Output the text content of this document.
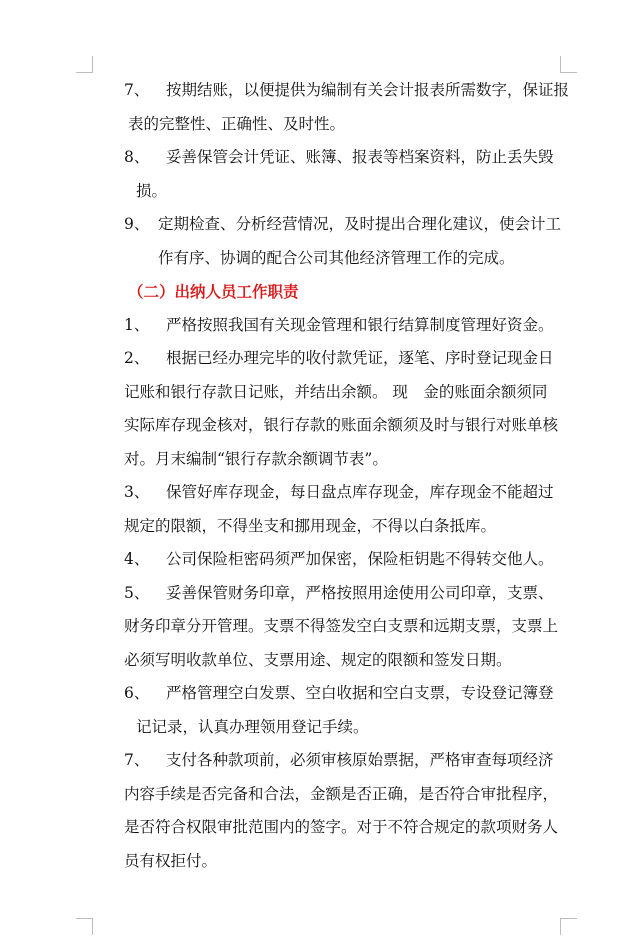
7、 按期结账，以便提供为编制有关会计报表所需数字，保证报

表的完整性、正确性、及时性。

8、 妥善保管会计凭证、账簿、报表等档案资料，防止丢失毁

损。

9、 定期检查、分析经营情况，及时提出合理化建议，使会计工

作有序、协调的配合公司其他经济管理工作的完成。

（二）出纳人员工作职责

1、 严格按照我国有关现金管理和银行结算制度管理好资金。

2、 根据已经办理完毕的收付款凭证，逐笔、序时登记现金日

记账和银行存款日记账，并结出余额。 现　金的账面余额须同

实际库存现金核对，银行存款的账面余额须及时与银行对账单核

对。月末编制“银行存款余额调节表”。

3、 保管好库存现金，每日盘点库存现金，库存现金不能超过

规定的限额，不得坐支和挪用现金，不得以白条抵库。

4、 公司保险柜密码须严加保密，保险柜钥匙不得转交他人。

5、 妥善保管财务印章，严格按照用途使用公司印章，支票、

财务印章分开管理。支票不得签发空白支票和远期支票，支票上

必须写明收款单位、支票用途、规定的限额和签发日期。

6、 严格管理空白发票、空白收据和空白支票，专设登记簿登

记记录，认真办理领用登记手续。

7、 支付各种款项前，必须审核原始票据，严格审查每项经济

内容手续是否完备和合法，金额是否正确，是否符合审批程序，

是否符合权限审批范围内的签字。对于不符合规定的款项财务人

员有权拒付。
